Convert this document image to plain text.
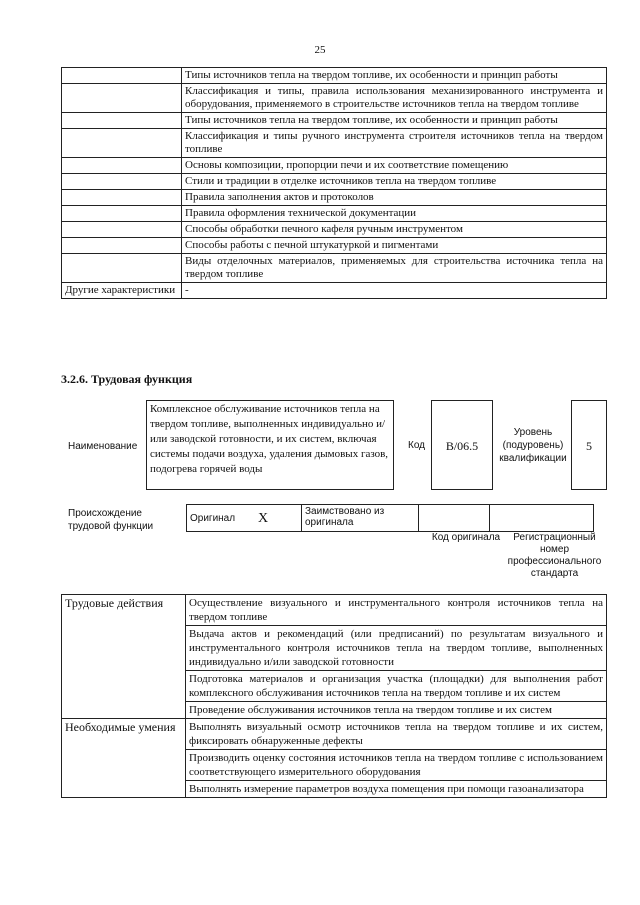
25
	Типы источников тепла на твердом топливе, их особенности и принцип работы
	Классификация и типы, правила использования механизированного инструмента и оборудования, применяемого в строительстве источников тепла на твердом топливе
	Типы источников тепла на твердом топливе, их особенности и принцип работы
	Классификация и типы ручного инструмента строителя источников тепла на твердом топливе
	Основы композиции, пропорции печи и их соответствие помещению
	Стили и традиции в отделке источников тепла на твердом топливе
	Правила заполнения актов и протоколов
	Правила оформления технической документации
	Способы обработки печного кафеля ручным инструментом
	Способы работы с печной штукатуркой и пигментами
	Виды отделочных материалов, применяемых для строительства источника тепла на твердом топливе
Другие характеристики	-
3.2.6. Трудовая функция
Наименование
Комплексное обслуживание источников тепла на твердом топливе, выполненных индивидуально и/или заводской готовности, и их систем, включая системы подачи воздуха, удаления дымовых газов, подогрева горячей воды
Код	B/06.5
Уровень (подуровень) квалификации
5
Происхождение трудовой функции
Оригинал	X	Заимствовано из оригинала		
Код оригинала	Регистрационный номер профессионального стандарта
Трудовые действия	Осуществление визуального и инструментального контроля источников тепла на твердом топливе
	Выдача актов и рекомендаций (или предписаний) по результатам визуального и инструментального контроля источников тепла на твердом топливе, выполненных индивидуально и/или заводской готовности
	Подготовка материалов и организация участка (площадки) для выполнения работ комплексного обслуживания источников тепла на твердом топливе и их систем
	Проведение обслуживания источников тепла на твердом топливе и их систем
Необходимые умения	Выполнять визуальный осмотр источников тепла на твердом топливе и их систем, фиксировать обнаруженные дефекты
	Производить оценку состояния источников тепла на твердом топливе с использованием соответствующего измерительного оборудования
	Выполнять измерение параметров воздуха помещения при помощи газоанализатора
